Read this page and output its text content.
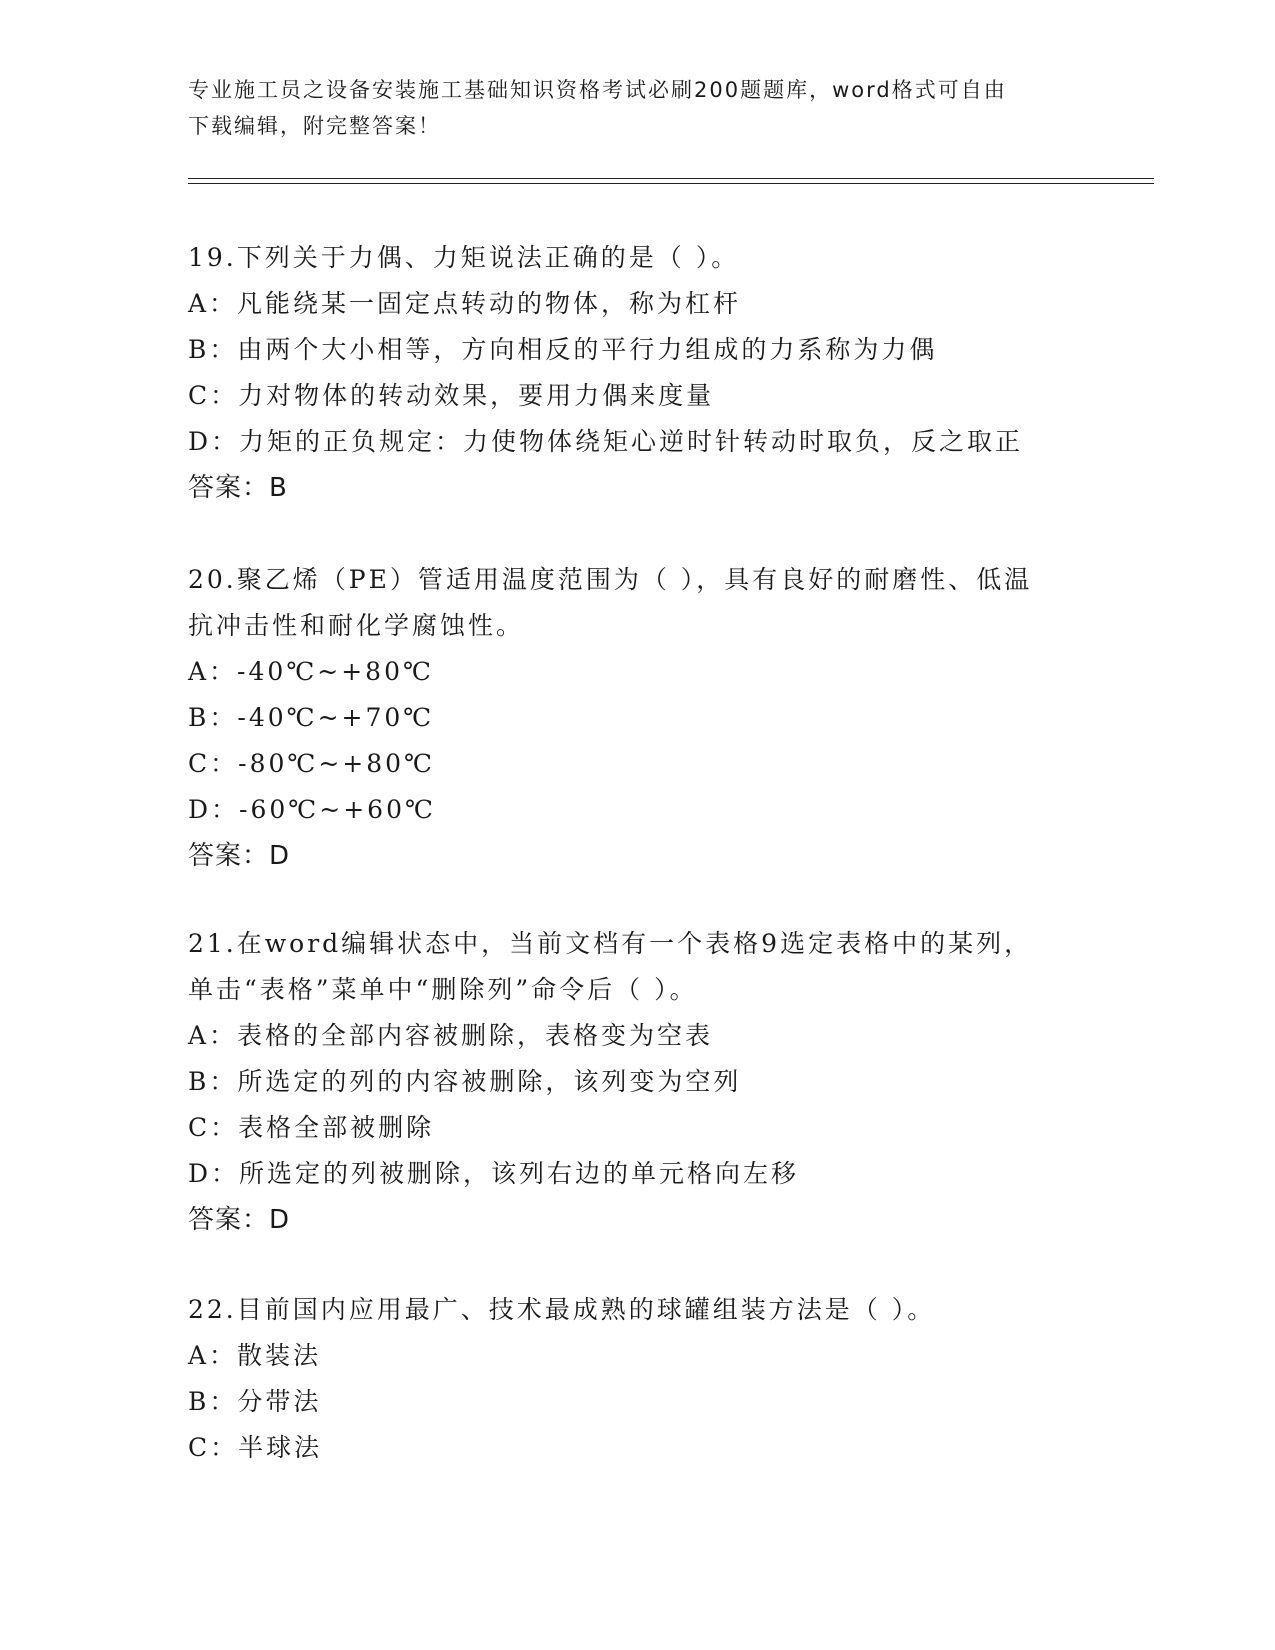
专业施工员之设备安装施工基础知识资格考试必刷200题题库，word格式可自由
下载编辑，附完整答案！
19.下列关于力偶、力矩说法正确的是（ ）。
A：凡能绕某一固定点转动的物体，称为杠杆
B：由两个大小相等，方向相反的平行力组成的力系称为力偶
C：力对物体的转动效果，要用力偶来度量
D：力矩的正负规定：力使物体绕矩心逆时针转动时取负，反之取正
答案：B
20.聚乙烯（PE）管适用温度范围为（ ），具有良好的耐磨性、低温
抗冲击性和耐化学腐蚀性。
A：-40℃~+80℃
B：-40℃~+70℃
C：-80℃~+80℃
D：-60℃~+60℃
答案：D
21.在word编辑状态中，当前文档有一个表格9选定表格中的某列，
单击“表格”菜单中“删除列”命令后（ ）。
A：表格的全部内容被删除，表格变为空表
B：所选定的列的内容被删除，该列变为空列
C：表格全部被删除
D：所选定的列被删除，该列右边的单元格向左移
答案：D
22.目前国内应用最广、技术最成熟的球罐组装方法是（ ）。
A：散装法
B：分带法
C：半球法
